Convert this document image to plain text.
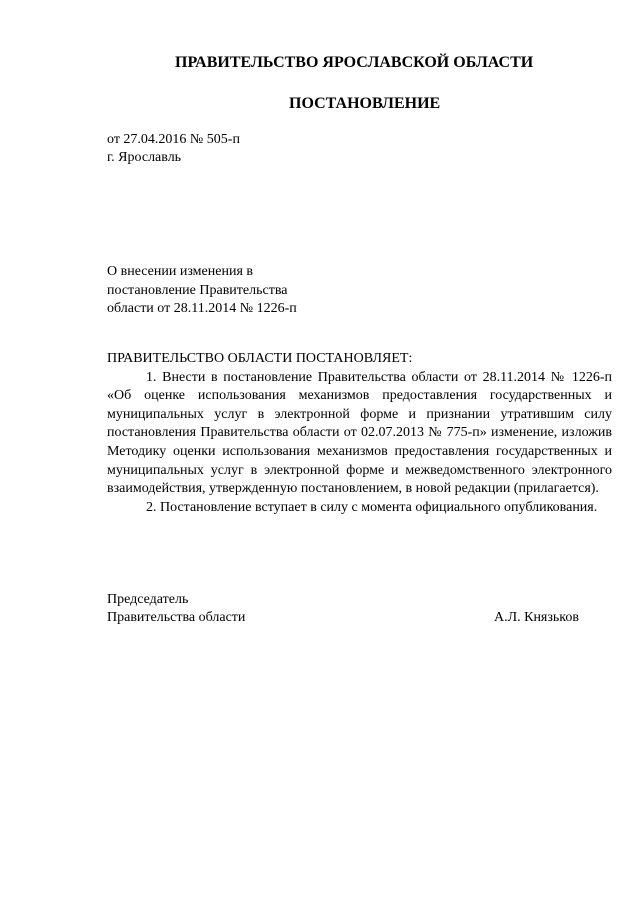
ПРАВИТЕЛЬСТВО ЯРОСЛАВСКОЙ ОБЛАСТИ
ПОСТАНОВЛЕНИЕ
от 27.04.2016 № 505-п
г. Ярославль
О внесении изменения в
постановление Правительства
области от 28.11.2014 № 1226-п
ПРАВИТЕЛЬСТВО ОБЛАСТИ ПОСТАНОВЛЯЕТ:

1. Внести в постановление Правительства области от 28.11.2014 № 1226-п «Об оценке использования механизмов предоставления государственных и муниципальных услуг в электронной форме и признании утратившим силу постановления Правительства области от 02.07.2013 № 775-п» изменение, изложив Методику оценки использования механизмов предоставления государственных и муниципальных услуг в электронной форме и межведомственного электронного взаимодействия, утвержденную постановлением, в новой редакции (прилагается).

2. Постановление вступает в силу с момента официального опубликования.

Председатель
Правительства области	А.Л. Князьков
